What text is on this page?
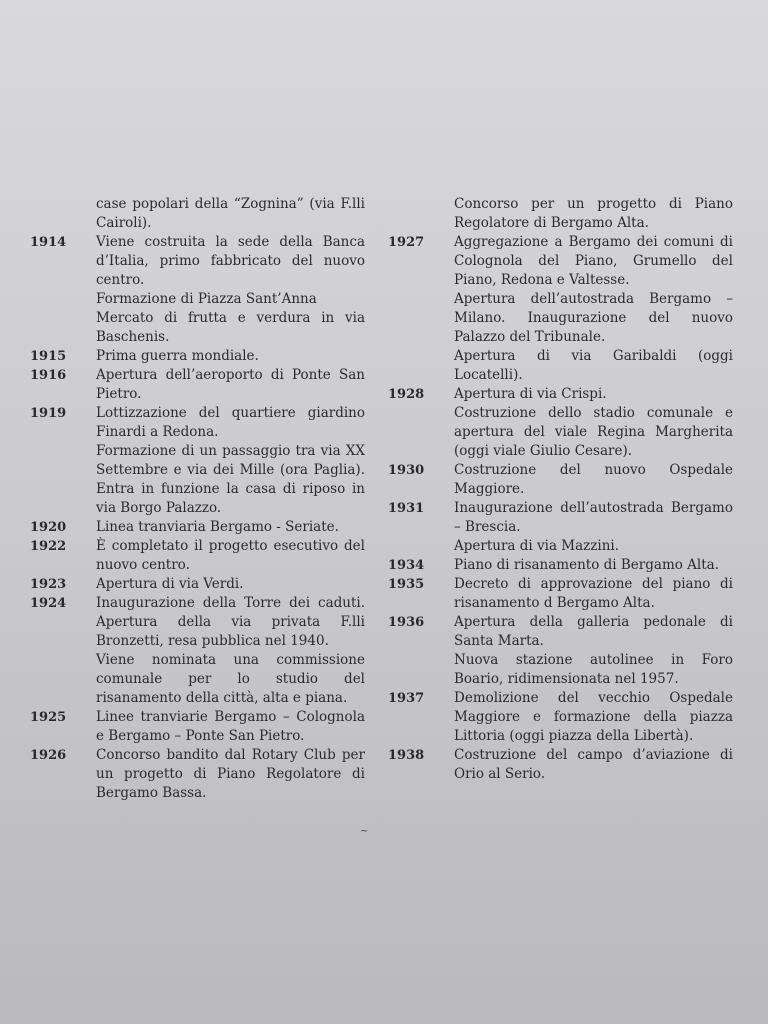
case popolari della “Zognina” (via F.lli Cairoli).
1914	Viene costruita la sede della Banca d’Italia, primo fabbricato del nuovo centro.
Formazione di Piazza Sant’Anna
Mercato di frutta e verdura in via Baschenis.
1915	Prima guerra mondiale.
1916	Apertura dell’aeroporto di Ponte San Pietro.
1919	Lottizzazione del quartiere giardino Finardi a Redona.
Formazione di un passaggio tra via XX Settembre e via dei Mille (ora Paglia). Entra in funzione la casa di riposo in via Borgo Palazzo.
1920	Linea tranviaria Bergamo - Seriate.
1922	È completato il progetto esecutivo del nuovo centro.
1923	Apertura di via Verdi.
1924	Inaugurazione della Torre dei caduti. Apertura della via privata F.lli Bronzetti, resa pubblica nel 1940.
Viene nominata una commissione comunale per lo studio del risanamento della città, alta e piana.
1925	Linee tranviarie Bergamo – Colognola e Bergamo – Ponte San Pietro.
1926	Concorso bandito dal Rotary Club per un progetto di Piano Regolatore di Bergamo Bassa.
Concorso per un progetto di Piano Regolatore di Bergamo Alta.
1927	Aggregazione a Bergamo dei comuni di Colognola del Piano, Grumello del Piano, Redona e Valtesse.
Apertura dell’autostrada Bergamo – Milano. Inaugurazione del nuovo Palazzo del Tribunale.
Apertura di via Garibaldi (oggi Locatelli).
1928	Apertura di via Crispi.
Costruzione dello stadio comunale e apertura del viale Regina Margherita (oggi viale Giulio Cesare).
1930	Costruzione del nuovo Ospedale Maggiore.
1931	Inaugurazione dell’autostrada Bergamo – Brescia.
Apertura di via Mazzini.
1934	Piano di risanamento di Bergamo Alta.
1935	Decreto di approvazione del piano di risanamento d Bergamo Alta.
1936	Apertura della galleria pedonale di Santa Marta.
Nuova stazione autolinee in Foro Boario, ridimensionata nel 1957.
1937	Demolizione del vecchio Ospedale Maggiore e formazione della piazza Littoria (oggi piazza della Libertà).
1938	Costruzione del campo d’aviazione di Orio al Serio.
~
